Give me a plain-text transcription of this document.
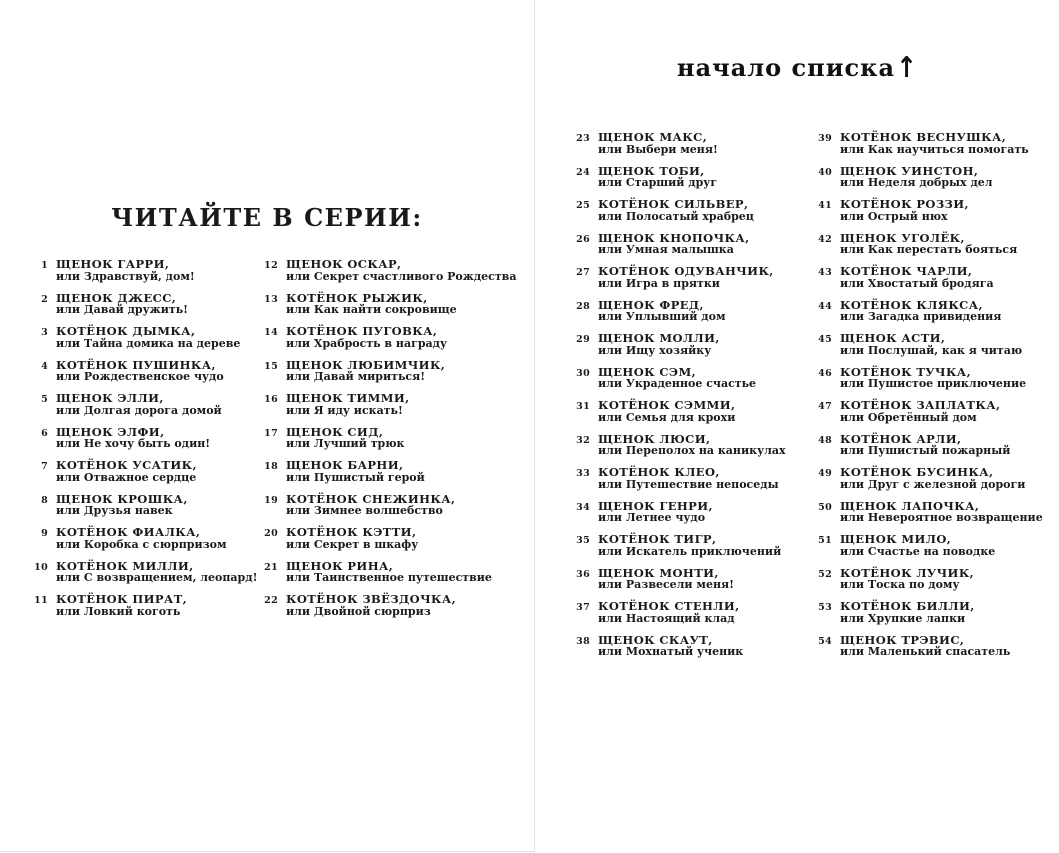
ЧИТАЙТЕ В СЕРИИ:
1 ЩЕНОК ГАРРИ,
или Здравствуй, дом!
2 ЩЕНОК ДЖЕСС,
или Давай дружить!
3 КОТЁНОК ДЫМКА,
или Тайна домика на дереве
4 КОТЁНОК ПУШИНКА,
или Рождественское чудо
5 ЩЕНОК ЭЛЛИ,
или Долгая дорога домой
6 ЩЕНОК ЭЛФИ,
или Не хочу быть один!
7 КОТЁНОК УСАТИК,
или Отважное сердце
8 ЩЕНОК КРОШКА,
или Друзья навек
9 КОТЁНОК ФИАЛКА,
или Коробка с сюрпризом
10 КОТЁНОК МИЛЛИ,
или С возвращением, леопард!
11 КОТЁНОК ПИРАТ,
или Ловкий коготь
12 ЩЕНОК ОСКАР,
или Секрет счастливого Рождества
13 КОТЁНОК РЫЖИК,
или Как найти сокровище
14 КОТЁНОК ПУГОВКА,
или Храбрость в награду
15 ЩЕНОК ЛЮБИМЧИК,
или Давай мириться!
16 ЩЕНОК ТИММИ,
или Я иду искать!
17 ЩЕНОК СИД,
или Лучший трюк
18 ЩЕНОК БАРНИ,
или Пушистый герой
19 КОТЁНОК СНЕЖИНКА,
или Зимнее волшебство
20 КОТЁНОК КЭТТИ,
или Секрет в шкафу
21 ЩЕНОК РИНА,
или Таинственное путешествие
22 КОТЁНОК ЗВЁЗДОЧКА,
или Двойной сюрприз
начало списка↑
23 ЩЕНОК МАКС,
или Выбери меня!
24 ЩЕНОК ТОБИ,
или Старший друг
25 КОТЁНОК СИЛЬВЕР,
или Полосатый храбрец
26 ЩЕНОК КНОПОЧКА,
или Умная малышка
27 КОТЁНОК ОДУВАНЧИК,
или Игра в прятки
28 ЩЕНОК ФРЕД,
или Уплывший дом
29 ЩЕНОК МОЛЛИ,
или Ищу хозяйку
30 ЩЕНОК СЭМ,
или Украденное счастье
31 КОТЁНОК СЭММИ,
или Семья для крохи
32 ЩЕНОК ЛЮСИ,
или Переполох на каникулах
33 КОТЁНОК КЛЕО,
или Путешествие непоседы
34 ЩЕНОК ГЕНРИ,
или Летнее чудо
35 КОТЁНОК ТИГР,
или Искатель приключений
36 ЩЕНОК МОНТИ,
или Развесели меня!
37 КОТЁНОК СТЕНЛИ,
или Настоящий клад
38 ЩЕНОК СКАУТ,
или Мохнатый ученик
39 КОТЁНОК ВЕСНУШКА,
или Как научиться помогать
40 ЩЕНОК УИНСТОН,
или Неделя добрых дел
41 КОТЁНОК РОЗЗИ,
или Острый нюх
42 ЩЕНОК УГОЛЁК,
или Как перестать бояться
43 КОТЁНОК ЧАРЛИ,
или Хвостатый бродяга
44 КОТЁНОК КЛЯКСА,
или Загадка привидения
45 ЩЕНОК АСТИ,
или Послушай, как я читаю
46 КОТЁНОК ТУЧКА,
или Пушистое приключение
47 КОТЁНОК ЗАПЛАТКА,
или Обретённый дом
48 КОТЁНОК АРЛИ,
или Пушистый пожарный
49 КОТЁНОК БУСИНКА,
или Друг с железной дороги
50 ЩЕНОК ЛАПОЧКА,
или Невероятное возвращение
51 ЩЕНОК МИЛО,
или Счастье на поводке
52 КОТЁНОК ЛУЧИК,
или Тоска по дому
53 КОТЁНОК БИЛЛИ,
или Хрупкие лапки
54 ЩЕНОК ТРЭВИС,
или Маленький спасатель
